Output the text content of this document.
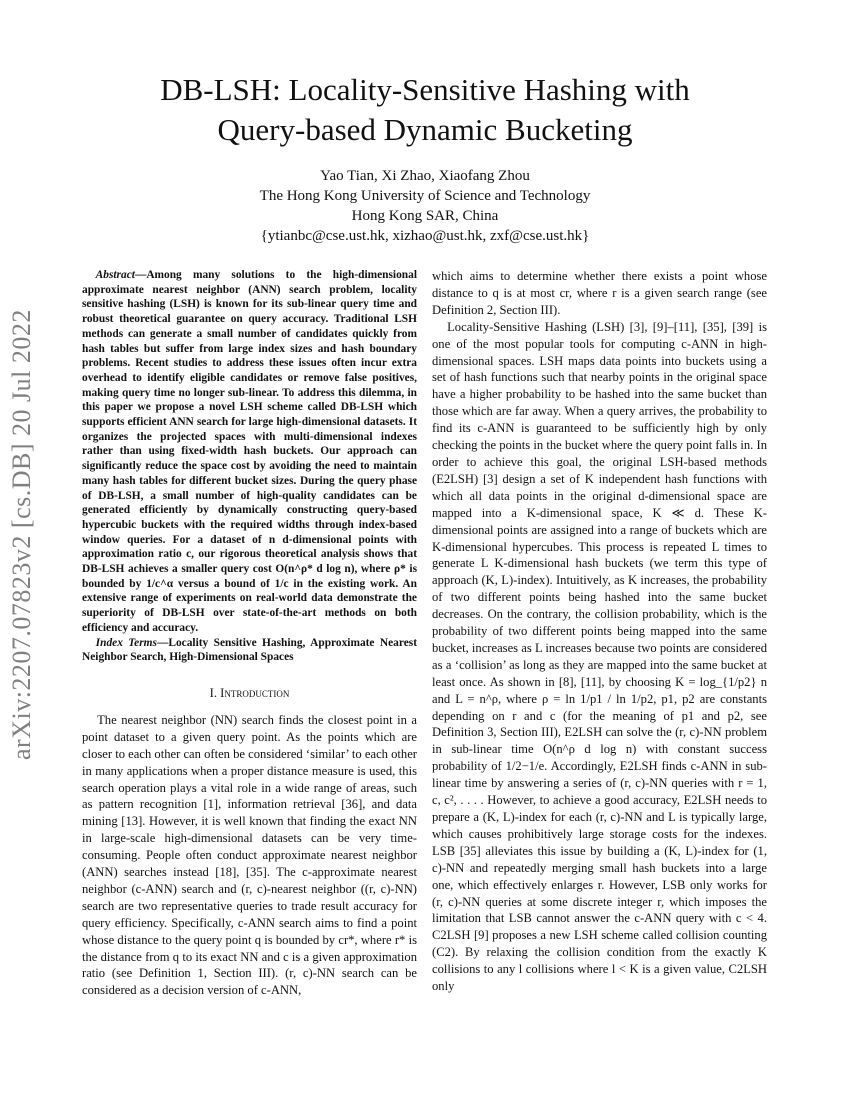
arXiv:2207.07823v2 [cs.DB] 20 Jul 2022
DB-LSH: Locality-Sensitive Hashing with
Query-based Dynamic Bucketing
Yao Tian, Xi Zhao, Xiaofang Zhou
The Hong Kong University of Science and Technology
Hong Kong SAR, China
{ytianbc@cse.ust.hk, xizhao@ust.hk, zxf@cse.ust.hk}

Abstract—Among many solutions to the high-dimensional approximate nearest neighbor (ANN) search problem, locality sensitive hashing (LSH) is known for its sub-linear query time and robust theoretical guarantee on query accuracy. Traditional LSH methods can generate a small number of candidates quickly from hash tables but suffer from large index sizes and hash boundary problems. Recent studies to address these issues often incur extra overhead to identify eligible candidates or remove false positives, making query time no longer sub-linear. To address this dilemma, in this paper we propose a novel LSH scheme called DB-LSH which supports efficient ANN search for large high-dimensional datasets. It organizes the projected spaces with multi-dimensional indexes rather than using fixed-width hash buckets. Our approach can significantly reduce the space cost by avoiding the need to maintain many hash tables for different bucket sizes. During the query phase of DB-LSH, a small number of high-quality candidates can be generated efficiently by dynamically constructing query-based hypercubic buckets with the required widths through index-based window queries. For a dataset of n d-dimensional points with approximation ratio c, our rigorous theoretical analysis shows that DB-LSH achieves a smaller query cost O(n^ρ* d log n), where ρ* is bounded by 1/c^α versus a bound of 1/c in the existing work. An extensive range of experiments on real-world data demonstrate the superiority of DB-LSH over state-of-the-art methods on both efficiency and accuracy.

Index Terms—Locality Sensitive Hashing, Approximate Nearest Neighbor Search, High-Dimensional Spaces

I. Introduction

The nearest neighbor (NN) search finds the closest point in a point dataset to a given query point. As the points which are closer to each other can often be considered ‘similar’ to each other in many applications when a proper distance measure is used, this search operation plays a vital role in a wide range of areas, such as pattern recognition [1], information retrieval [36], and data mining [13]. However, it is well known that finding the exact NN in large-scale high-dimensional datasets can be very time-consuming. People often conduct approximate nearest neighbor (ANN) searches instead [18], [35]. The c-approximate nearest neighbor (c-ANN) search and (r, c)-nearest neighbor ((r, c)-NN) search are two representative queries to trade result accuracy for query efficiency. Specifically, c-ANN search aims to find a point whose distance to the query point q is bounded by cr*, where r* is the distance from q to its exact NN and c is a given approximation ratio (see Definition 1, Section III). (r, c)-NN search can be considered as a decision version of c-ANN,

which aims to determine whether there exists a point whose distance to q is at most cr, where r is a given search range (see Definition 2, Section III).

Locality-Sensitive Hashing (LSH) [3], [9]–[11], [35], [39] is one of the most popular tools for computing c-ANN in high-dimensional spaces. LSH maps data points into buckets using a set of hash functions such that nearby points in the original space have a higher probability to be hashed into the same bucket than those which are far away. When a query arrives, the probability to find its c-ANN is guaranteed to be sufficiently high by only checking the points in the bucket where the query point falls in. In order to achieve this goal, the original LSH-based methods (E2LSH) [3] design a set of K independent hash functions with which all data points in the original d-dimensional space are mapped into a K-dimensional space, K ≪ d. These K-dimensional points are assigned into a range of buckets which are K-dimensional hypercubes. This process is repeated L times to generate L K-dimensional hash buckets (we term this type of approach (K, L)-index). Intuitively, as K increases, the probability of two different points being hashed into the same bucket decreases. On the contrary, the collision probability, which is the probability of two different points being mapped into the same bucket, increases as L increases because two points are considered as a ‘collision’ as long as they are mapped into the same bucket at least once. As shown in [8], [11], by choosing K = log_{1/p2} n and L = n^ρ, where ρ = ln 1/p1 / ln 1/p2, p1, p2 are constants depending on r and c (for the meaning of p1 and p2, see Definition 3, Section III), E2LSH can solve the (r, c)-NN problem in sub-linear time O(n^ρ d log n) with constant success probability of 1/2−1/e. Accordingly, E2LSH finds c-ANN in sub-linear time by answering a series of (r, c)-NN queries with r = 1, c, c², . . . . However, to achieve a good accuracy, E2LSH needs to prepare a (K, L)-index for each (r, c)-NN and L is typically large, which causes prohibitively large storage costs for the indexes. LSB [35] alleviates this issue by building a (K, L)-index for (1, c)-NN and repeatedly merging small hash buckets into a large one, which effectively enlarges r. However, LSB only works for (r, c)-NN queries at some discrete integer r, which imposes the limitation that LSB cannot answer the c-ANN query with c < 4. C2LSH [9] proposes a new LSH scheme called collision counting (C2). By relaxing the collision condition from the exactly K collisions to any l collisions where l < K is a given value, C2LSH only
